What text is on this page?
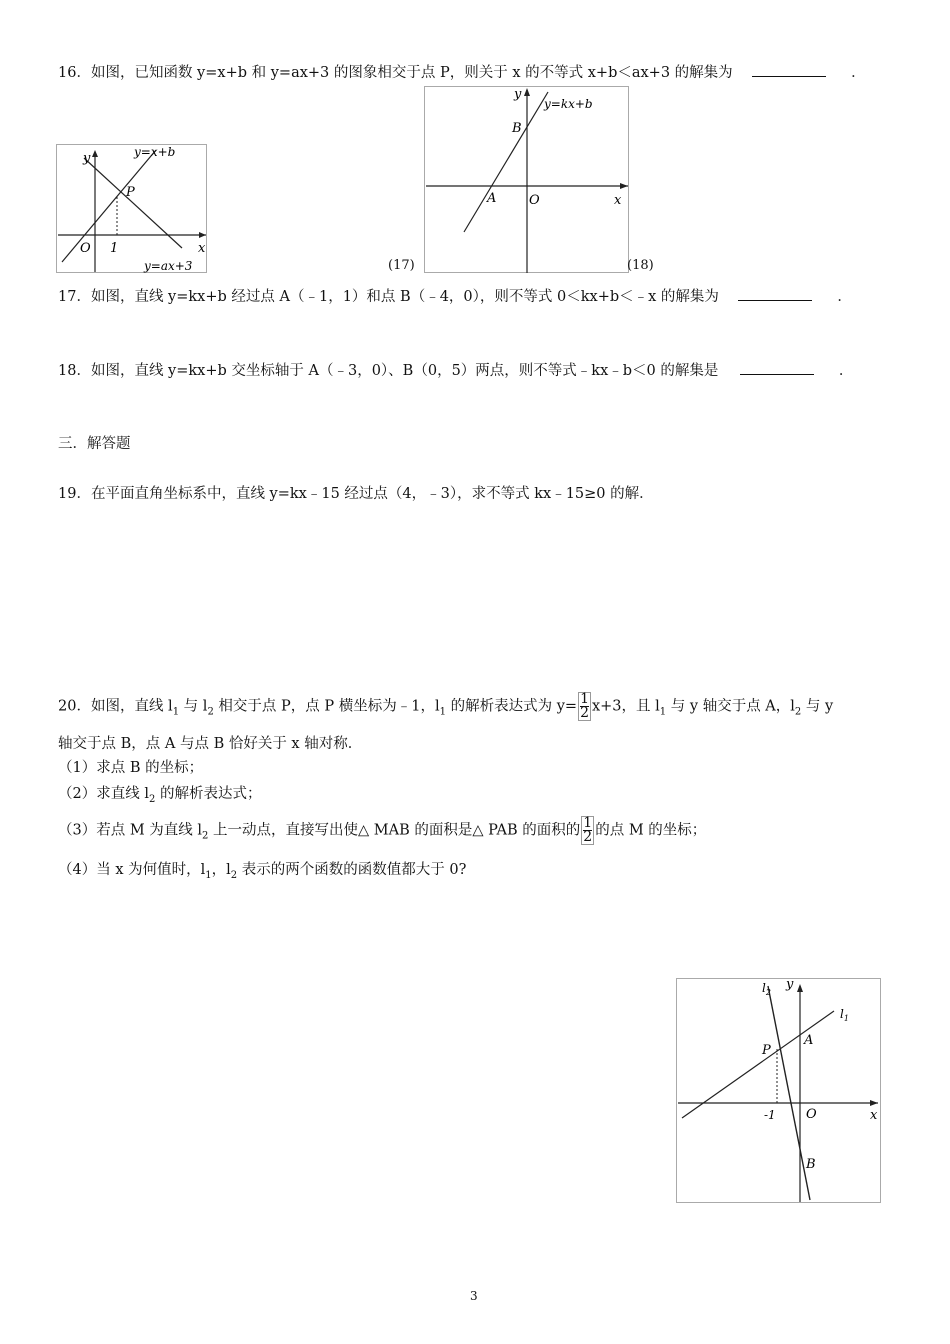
16．如图，已知函数 y=x+b 和 y=ax+3 的图象相交于点 P，则关于 x 的不等式 x+b＜ax+3 的解集为	．
y
x
O
P
1
y=x+b
y=ax+3
y
x
O
A
B
y=kx+b
(17)	(18)
17．如图，直线 y=kx+b 经过点 A（﹣1，1）和点 B（﹣4，0），则不等式 0＜kx+b＜﹣x 的解集为	．
18．如图，直线 y=kx+b 交坐标轴于 A（﹣3，0）、B（0，5）两点，则不等式﹣kx﹣b＜0 的解集是	．
三．解答题
19．在平面直角坐标系中，直线 y=kx﹣15 经过点（4，﹣3），求不等式 kx﹣15≥0 的解．
20．如图，直线 $l_1$ 与 $l_2$ 相交于点 P，点 P 横坐标为﹣1，$l_1$ 的解析表达式为 $y= \frac{1}{2} x+3$，且 $l_1$ 与 y 轴交于点 A，$l_2$ 与 y
轴交于点 B，点 A 与点 B 恰好关于 x 轴对称．
（1）求点 B 的坐标；
（2）求直线 $l_2$ 的解析表达式；
（3）若点 M 为直线 $l_2$ 上一动点，直接写出使△ MAB 的面积是△ PAB 的面积的 $\frac{1}{2}$ 的点 M 的坐标；
（4）当 x 为何值时，$l_1$，$l_2$ 表示的两个函数的函数值都大于 0?
$l_2$
y
$l_1$
x
O
P
A
B
-1
3
